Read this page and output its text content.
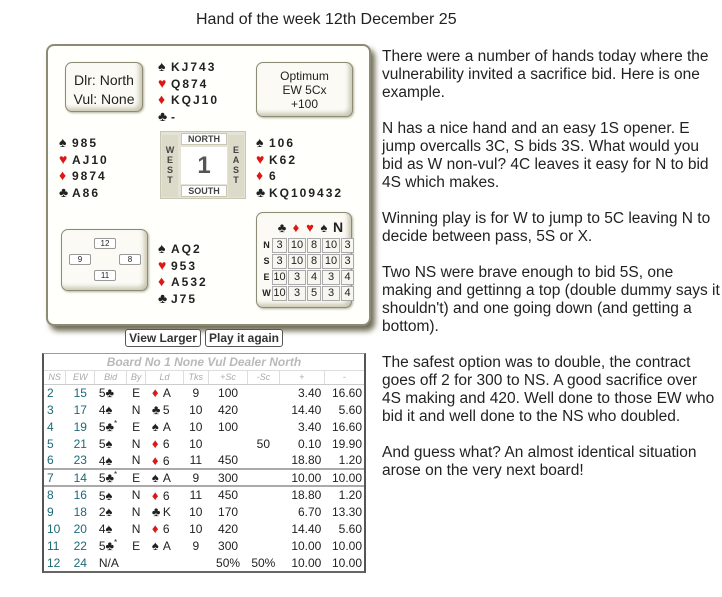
Hand of the week 12th December 25
Dlr: North
Vul: None
Optimum
EW 5Cx
+100
♠ KJ743
♥ Q874
♦ KQJ10
♣ -
♠ 985
♥ AJ10
♦ 9874
♣ A86
NORTH
W
E
S
T
1
E
A
S
T
SOUTH
♠ 106
♥ K62
♦ 6
♣ KQ109432
12
9	8
11
♠ AQ2
♥ 953
♦ A532
♣ J75
♣ ♦ ♥ ♠ N
N 3 10 8 10 3
S 3 10 8 10 3
E 10 3 4 3 4
W 10 3 5 3 4
View Larger	Play it again
Board No 1 None Vul Dealer North
NS	EW	Bid	By	Ld	Tks	+Sc	-Sc	+	-
2	15	5♣	E	♦ A	9	100		3.40	16.60
3	17	4♠	N	♣ 5	10	420		14.40	5.60
4	19	5♣*	E	♠ A	10	100		3.40	16.60
5	21	5♠	N	♦ 6	10		50	0.10	19.90
6	23	4♠	N	♦ 6	11	450		18.80	1.20
7	14	5♣*	E	♠ A	9	300		10.00	10.00
8	16	5♠	N	♦ 6	11	450		18.80	1.20
9	18	2♠	N	♣ K	10	170		6.70	13.30
10	20	4♠	N	♦ 6	10	420		14.40	5.60
11	22	5♣*	E	♠ A	9	300		10.00	10.00
12	24	N/A				50%	50%	10.00	10.00

There were a number of hands today where the vulnerability invited a sacrifice bid. Here is one example.

N has a nice hand and an easy 1S opener. E jump overcalls 3C, S bids 3S. What would you bid as W non-vul? 4C leaves it easy for N to bid 4S which makes.

Winning play is for W to jump to 5C leaving N to decide between pass, 5S or X.

Two NS were brave enough to bid 5S, one making and gettinng a top (double dummy says it shouldn't) and one going down (and getting a bottom).

The safest option was to double, the contract goes off 2 for 300 to NS. A good sacrifice over 4S making and 420. Well done to those EW who bid it and well done to the NS who doubled.

And guess what? An almost identical situation arose on the very next board!
